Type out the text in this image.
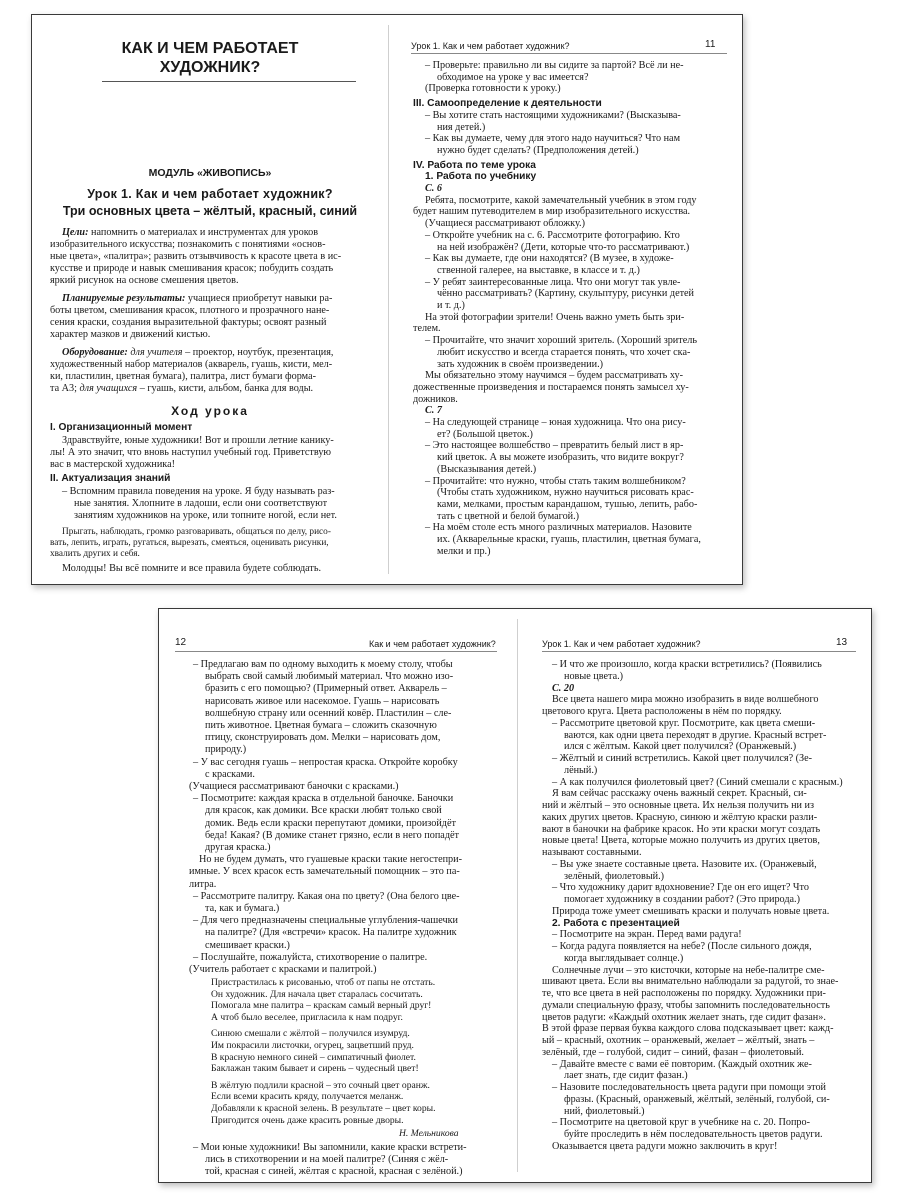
КАК И ЧЕМ РАБОТАЕТ
ХУДОЖНИК?
МОДУЛЬ «ЖИВОПИСЬ»
Урок 1. Как и чем работает художник?
Три основных цвета – жёлтый, красный, синий
Цели: напомнить о материалах и инструментах для уроков
изобразительного искусства; познакомить с понятиями «основ-
ные цвета», «палитра»; развить отзывчивость к красоте цвета в ис-
кусстве и природе и навык смешивания красок; побудить создать
яркий рисунок на основе смешения цветов.
Планируемые результаты: учащиеся приобретут навыки ра-
боты цветом, смешивания красок, плотного и прозрачного нане-
сения краски, создания выразительной фактуры; освоят разный
характер мазков и движений кистью.
Оборудование: для учителя – проектор, ноутбук, презентация,
художественный набор материалов (акварель, гуашь, кисти, мел-
ки, пластилин, цветная бумага), палитра, лист бумаги форма-
та А3; для учащихся – гуашь, кисти, альбом, банка для воды.
Ход урока
I. Организационный момент
Здравствуйте, юные художники! Вот и прошли летние канику-
лы! А это значит, что вновь наступил учебный год. Приветствую
вас в мастерской художника!
II. Актуализация знаний
– Вспомним правила поведения на уроке. Я буду называть раз-
ные занятия. Хлопните в ладоши, если они соответствуют
занятиям художников на уроке, или топните ногой, если нет.
Прыгать, наблюдать, громко разговаривать, общаться по делу, рисо-
вать, лепить, играть, ругаться, вырезать, смеяться, оценивать рисунки,
хвалить других и себя.
Молодцы! Вы всё помните и все правила будете соблюдать.
Урок 1. Как и чем работает художник?	11
– Проверьте: правильно ли вы сидите за партой? Всё ли не-
обходимое на уроке у вас имеется?
(Проверка готовности к уроку.)
III. Самоопределение к деятельности
– Вы хотите стать настоящими художниками? (Высказыва-
ния детей.)
– Как вы думаете, чему для этого надо научиться? Что нам
нужно будет сделать? (Предположения детей.)
IV. Работа по теме урока
1. Работа по учебнику
С. 6
Ребята, посмотрите, какой замечательный учебник в этом году
будет нашим путеводителем в мир изобразительного искусства.
(Учащиеся рассматривают обложку.)
– Откройте учебник на с. 6. Рассмотрите фотографию. Кто
на ней изображён? (Дети, которые что-то рассматривают.)
– Как вы думаете, где они находятся? (В музее, в художе-
ственной галерее, на выставке, в классе и т. д.)
– У ребят заинтересованные лица. Что они могут так увле-
чённо рассматривать? (Картину, скульптуру, рисунки детей
и т. д.)
На этой фотографии зрители! Очень важно уметь быть зри-
телем.
– Прочитайте, что значит хороший зритель. (Хороший зритель
любит искусство и всегда старается понять, что хочет ска-
зать художник в своём произведении.)
Мы обязательно этому научимся – будем рассматривать ху-
дожественные произведения и постараемся понять замысел ху-
дожников.
С. 7
– На следующей странице – юная художница. Что она рису-
ет? (Большой цветок.)
– Это настоящее волшебство – превратить белый лист в яр-
кий цветок. А вы можете изобразить, что видите вокруг?
(Высказывания детей.)
– Прочитайте: что нужно, чтобы стать таким волшебником?
(Чтобы стать художником, нужно научиться рисовать крас-
ками, мелками, простым карандашом, тушью, лепить, рабо-
тать с цветной и белой бумагой.)
– На моём столе есть много различных материалов. Назовите
их. (Акварельные краски, гуашь, пластилин, цветная бумага,
мелки и пр.)
12	Как и чем работает художник?
– Предлагаю вам по одному выходить к моему столу, чтобы
выбрать свой самый любимый материал. Что можно изо-
бразить с его помощью? (Примерный ответ. Акварель –
нарисовать живое или насекомое. Гуашь – нарисовать
волшебную страну или осенний ковёр. Пластилин – сле-
пить животное. Цветная бумага – сложить сказочную
птицу, сконструировать дом. Мелки – нарисовать дом,
природу.)
– У вас сегодня гуашь – непростая краска. Откройте коробку
с красками.
(Учащиеся рассматривают баночки с красками.)
– Посмотрите: каждая краска в отдельной баночке. Баночки
для красок, как домики. Все краски любят только свой
домик. Ведь если краски перепутают домики, произойдёт
беда! Какая? (В домике станет грязно, если в него попадёт
другая краска.)
Но не будем думать, что гуашевые краски такие негостепри-
имные. У всех красок есть замечательный помощник – это па-
литра.
– Рассмотрите палитру. Какая она по цвету? (Она белого цве-
та, как и бумага.)
– Для чего предназначены специальные углубления-чашечки
на палитре? (Для «встречи» красок. На палитре художник
смешивает краски.)
– Послушайте, пожалуйста, стихотворение о палитре.
(Учитель работает с красками и палитрой.)
Пристрастилась к рисованью, чтоб от папы не отстать.
Он художник. Для начала цвет старалась сосчитать.
Помогала мне палитра – краскам самый верный друг!
А чтоб было веселее, пригласила к нам подруг.
Синюю смешали с жёлтой – получился изумруд.
Им покрасили листочки, огурец, зацветший пруд.
В красную немного синей – симпатичный фиолет.
Баклажан таким бывает и сирень – чудесный цвет!
В жёлтую подлили красной – это сочный цвет оранж.
Если всеми красить кряду, получается меланж.
Добавляли к красной зелень. В результате – цвет коры.
Пригодится очень даже красить ровные дворы.
Н. Мельникова
– Мои юные художники! Вы запомнили, какие краски встрети-
лись в стихотворении и на моей палитре? (Синяя с жёл-
той, красная с синей, жёлтая с красной, красная с зелёной.)
Урок 1. Как и чем работает художник?	13
– И что же произошло, когда краски встретились? (Появились
новые цвета.)
С. 20
Все цвета нашего мира можно изобразить в виде волшебного
цветового круга. Цвета расположены в нём по порядку.
– Рассмотрите цветовой круг. Посмотрите, как цвета смеши-
ваются, как одни цвета переходят в другие. Красный встрет-
ился с жёлтым. Какой цвет получился? (Оранжевый.)
– Жёлтый и синий встретились. Какой цвет получился? (Зе-
лёный.)
– А как получился фиолетовый цвет? (Синий смешали с красным.)
Я вам сейчас расскажу очень важный секрет. Красный, си-
ний и жёлтый – это основные цвета. Их нельзя получить ни из
каких других цветов. Красную, синюю и жёлтую краски разли-
вают в баночки на фабрике красок. Но эти краски могут создать
новые цвета! Цвета, которые можно получить из других цветов,
называют составными.
– Вы уже знаете составные цвета. Назовите их. (Оранжевый,
зелёный, фиолетовый.)
– Что художнику дарит вдохновение? Где он его ищет? Что
помогает художнику в создании работ? (Это природа.)
Природа тоже умеет смешивать краски и получать новые цвета.
2. Работа с презентацией
– Посмотрите на экран. Перед вами радуга!
– Когда радуга появляется на небе? (После сильного дождя,
когда выглядывает солнце.)
Солнечные лучи – это кисточки, которые на небе-палитре сме-
шивают цвета. Если вы внимательно наблюдали за радугой, то знае-
те, что все цвета в ней расположены по порядку. Художники при-
думали специальную фразу, чтобы запомнить последовательность
цветов радуги: «Каждый охотник желает знать, где сидит фазан».
В этой фразе первая буква каждого слова подсказывает цвет: кажд-
ый – красный, охотник – оранжевый, желает – жёлтый, знать –
зелёный, где – голубой, сидит – синий, фазан – фиолетовый.
– Давайте вместе с вами её повторим. (Каждый охотник же-
лает знать, где сидит фазан.)
– Назовите последовательность цвета радуги при помощи этой
фразы. (Красный, оранжевый, жёлтый, зелёный, голубой, си-
ний, фиолетовый.)
– Посмотрите на цветовой круг в учебнике на с. 20. Попро-
буйте проследить в нём последовательность цветов радуги.
Оказывается цвета радуги можно заключить в круг!
